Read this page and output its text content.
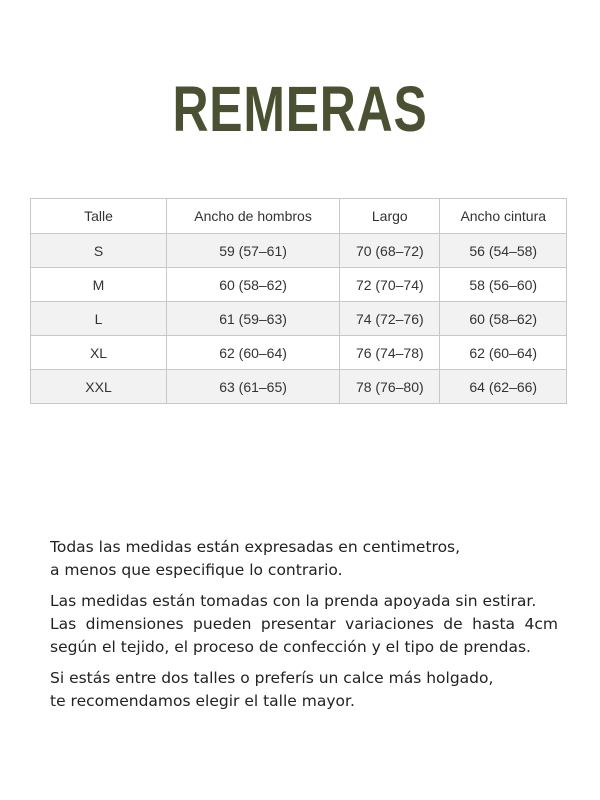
REMERAS
Talle	Ancho de hombros	Largo	Ancho cintura
S	59 (57–61)	70 (68–72)	56 (54–58)
M	60 (58–62)	72 (70–74)	58 (56–60)
L	61 (59–63)	74 (72–76)	60 (58–62)
XL	62 (60–64)	76 (74–78)	62 (60–64)
XXL	63 (61–65)	78 (76–80)	64 (62–66)

Todas las medidas están expresadas en centimetros,
a menos que especifique lo contrario.

Las medidas están tomadas con la prenda apoyada sin estirar.
Las dimensiones pueden presentar variaciones de hasta 4cm
según el tejido, el proceso de confección y el tipo de prendas.

Si estás entre dos talles o preferís un calce más holgado,
te recomendamos elegir el talle mayor.
